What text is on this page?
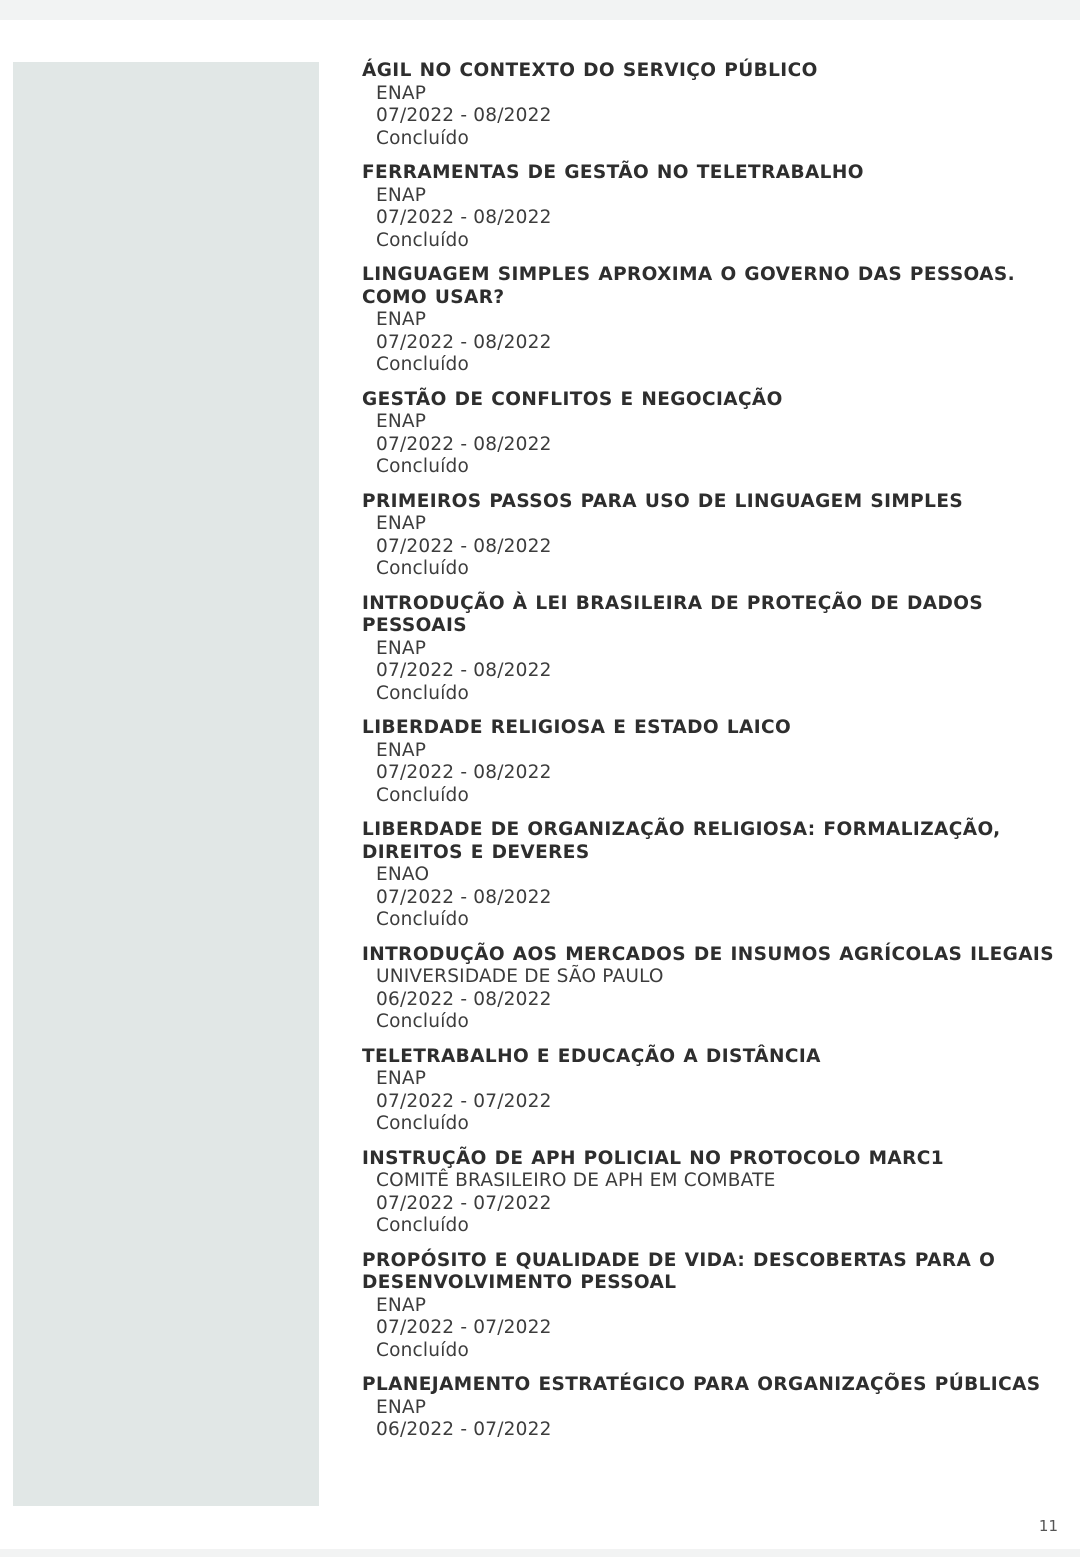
ÁGIL NO CONTEXTO DO SERVIÇO PÚBLICO
ENAP
07/2022 - 08/2022
Concluído
FERRAMENTAS DE GESTÃO NO TELETRABALHO
ENAP
07/2022 - 08/2022
Concluído
LINGUAGEM SIMPLES APROXIMA O GOVERNO DAS PESSOAS. COMO USAR?
ENAP
07/2022 - 08/2022
Concluído
GESTÃO DE CONFLITOS E NEGOCIAÇÃO
ENAP
07/2022 - 08/2022
Concluído
PRIMEIROS PASSOS PARA USO DE LINGUAGEM SIMPLES
ENAP
07/2022 - 08/2022
Concluído
INTRODUÇÃO À LEI BRASILEIRA DE PROTEÇÃO DE DADOS PESSOAIS
ENAP
07/2022 - 08/2022
Concluído
LIBERDADE RELIGIOSA E ESTADO LAICO
ENAP
07/2022 - 08/2022
Concluído
LIBERDADE DE ORGANIZAÇÃO RELIGIOSA: FORMALIZAÇÃO, DIREITOS E DEVERES
ENAO
07/2022 - 08/2022
Concluído
INTRODUÇÃO AOS MERCADOS DE INSUMOS AGRÍCOLAS ILEGAIS
UNIVERSIDADE DE SÃO PAULO
06/2022 - 08/2022
Concluído
TELETRABALHO E EDUCAÇÃO A DISTÂNCIA
ENAP
07/2022 - 07/2022
Concluído
INSTRUÇÃO DE APH POLICIAL NO PROTOCOLO MARC1
COMITÊ BRASILEIRO DE APH EM COMBATE
07/2022 - 07/2022
Concluído
PROPÓSITO E QUALIDADE DE VIDA: DESCOBERTAS PARA O DESENVOLVIMENTO PESSOAL
ENAP
07/2022 - 07/2022
Concluído
PLANEJAMENTO ESTRATÉGICO PARA ORGANIZAÇÕES PÚBLICAS
ENAP
06/2022 - 07/2022
11
